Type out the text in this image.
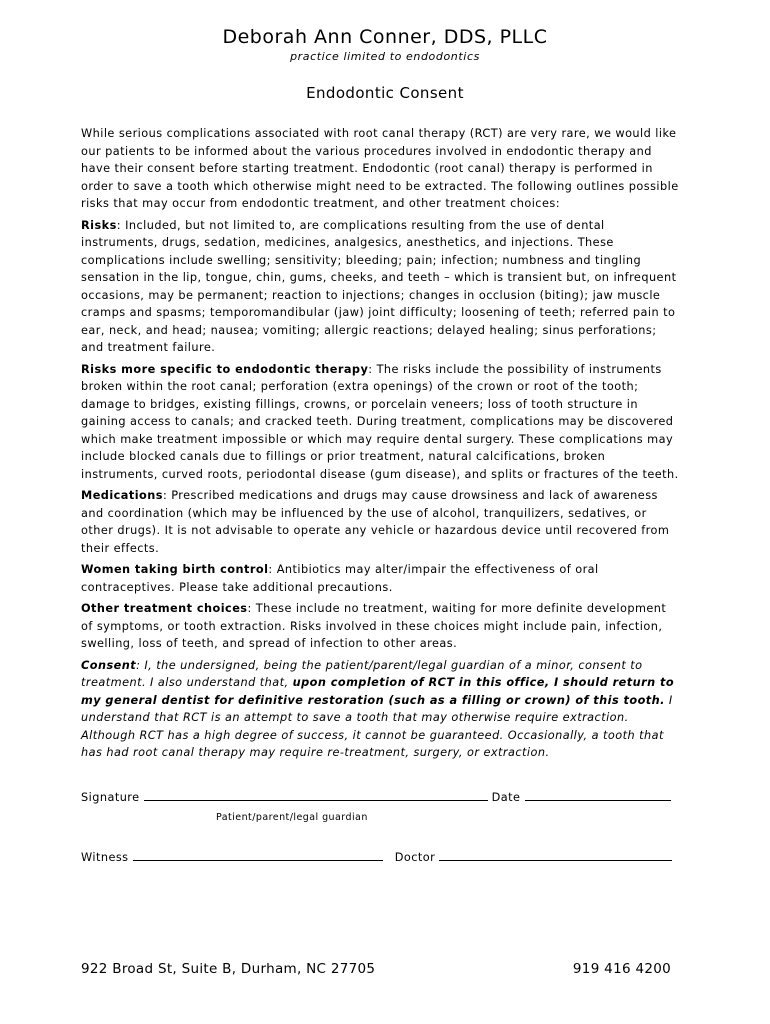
Deborah Ann Conner, DDS, PLLC
practice limited to endodontics
Endodontic Consent

While serious complications associated with root canal therapy (RCT) are very rare, we would like our patients to be informed about the various procedures involved in endodontic therapy and have their consent before starting treatment. Endodontic (root canal) therapy is performed in order to save a tooth which otherwise might need to be extracted. The following outlines possible risks that may occur from endodontic treatment, and other treatment choices:

Risks: Included, but not limited to, are complications resulting from the use of dental instruments, drugs, sedation, medicines, analgesics, anesthetics, and injections. These complications include swelling; sensitivity; bleeding; pain; infection; numbness and tingling sensation in the lip, tongue, chin, gums, cheeks, and teeth – which is transient but, on infrequent occasions, may be permanent; reaction to injections; changes in occlusion (biting); jaw muscle cramps and spasms; temporomandibular (jaw) joint difficulty; loosening of teeth; referred pain to ear, neck, and head; nausea; vomiting; allergic reactions; delayed healing; sinus perforations; and treatment failure.

Risks more specific to endodontic therapy: The risks include the possibility of instruments broken within the root canal; perforation (extra openings) of the crown or root of the tooth; damage to bridges, existing fillings, crowns, or porcelain veneers; loss of tooth structure in gaining access to canals; and cracked teeth. During treatment, complications may be discovered which make treatment impossible or which may require dental surgery. These complications may include blocked canals due to fillings or prior treatment, natural calcifications, broken instruments, curved roots, periodontal disease (gum disease), and splits or fractures of the teeth.

Medications: Prescribed medications and drugs may cause drowsiness and lack of awareness and coordination (which may be influenced by the use of alcohol, tranquilizers, sedatives, or other drugs). It is not advisable to operate any vehicle or hazardous device until recovered from their effects.

Women taking birth control: Antibiotics may alter/impair the effectiveness of oral contraceptives. Please take additional precautions.

Other treatment choices: These include no treatment, waiting for more definite development of symptoms, or tooth extraction. Risks involved in these choices might include pain, infection, swelling, loss of teeth, and spread of infection to other areas.

Consent: I, the undersigned, being the patient/parent/legal guardian of a minor, consent to treatment. I also understand that, upon completion of RCT in this office, I should return to my general dentist for definitive restoration (such as a filling or crown) of this tooth. I understand that RCT is an attempt to save a tooth that may otherwise require extraction. Although RCT has a high degree of success, it cannot be guaranteed. Occasionally, a tooth that has had root canal therapy may require re-treatment, surgery, or extraction.

Signature	Date
Patient/parent/legal guardian
Witness	Doctor
922 Broad St, Suite B, Durham, NC 27705	919 416 4200
